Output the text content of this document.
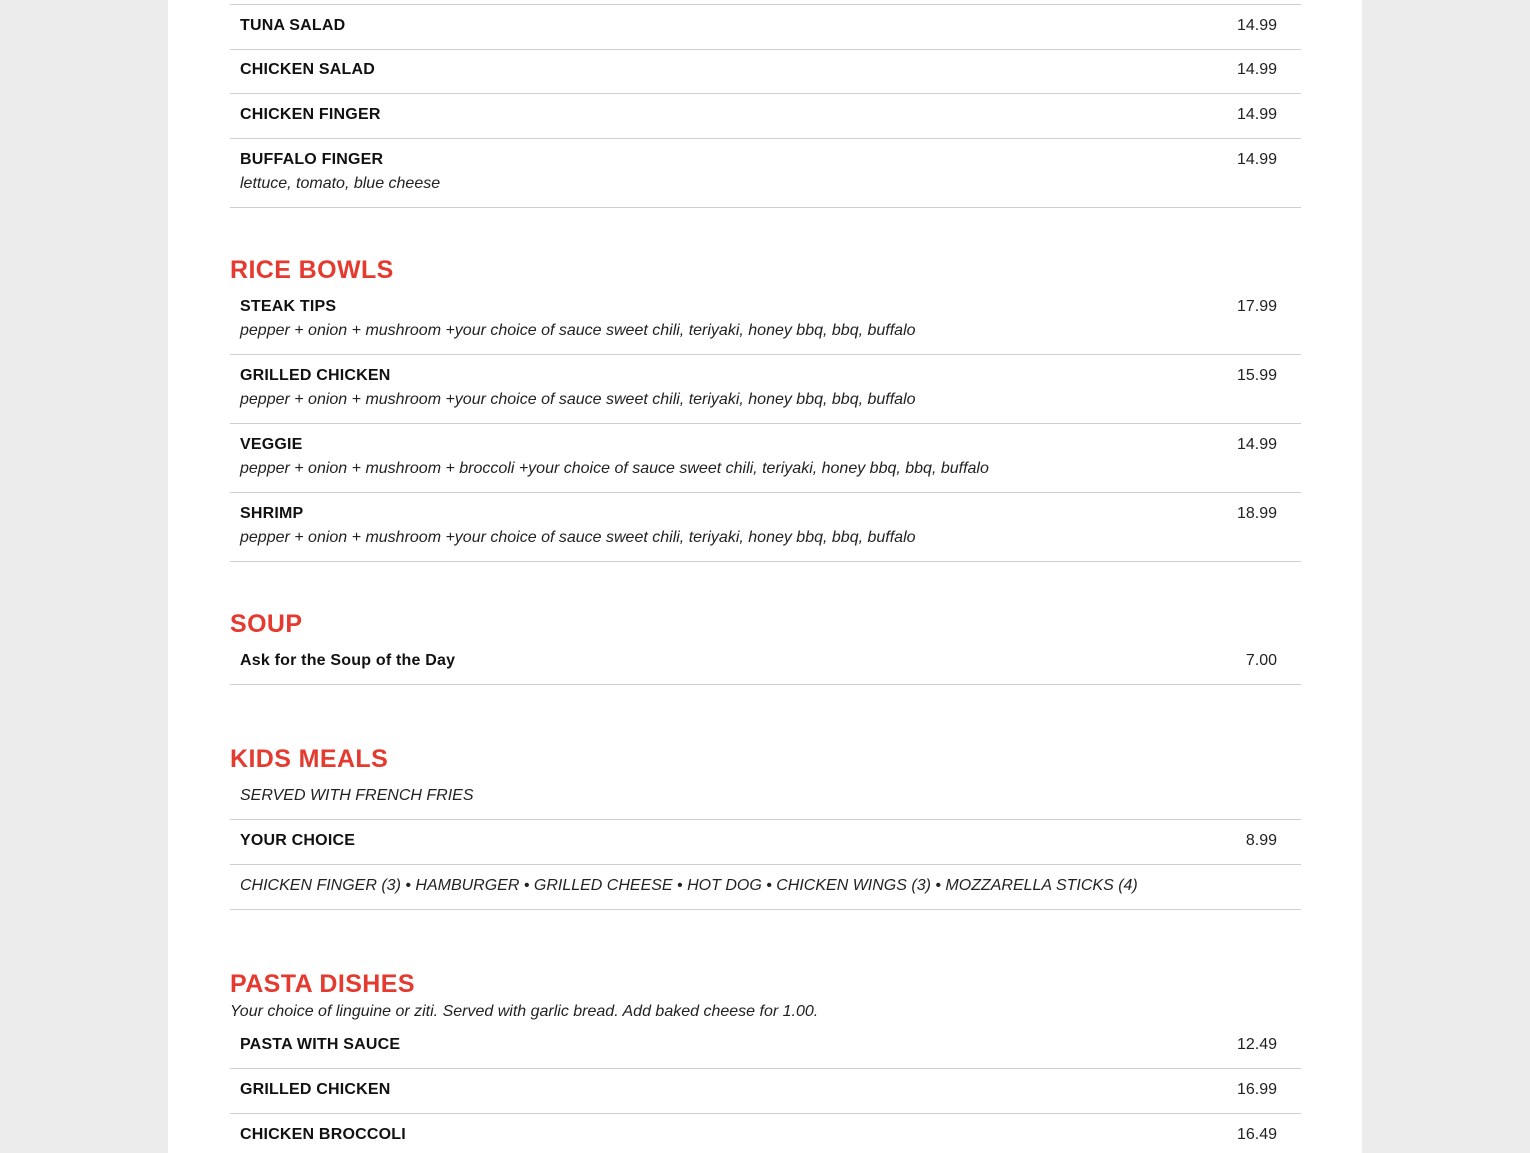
TUNA SALAD	14.99
CHICKEN SALAD	14.99
CHICKEN FINGER	14.99
BUFFALO FINGER	14.99
lettuce, tomato, blue cheese
RICE BOWLS
STEAK TIPS	17.99
pepper + onion + mushroom +your choice of sauce sweet chili, teriyaki, honey bbq, bbq, buffalo
GRILLED CHICKEN	15.99
pepper + onion + mushroom +your choice of sauce sweet chili, teriyaki, honey bbq, bbq, buffalo
VEGGIE	14.99
pepper + onion + mushroom + broccoli +your choice of sauce sweet chili, teriyaki, honey bbq, bbq, buffalo
SHRIMP	18.99
pepper + onion + mushroom +your choice of sauce sweet chili, teriyaki, honey bbq, bbq, buffalo
SOUP
Ask for the Soup of the Day	7.00
KIDS MEALS
SERVED WITH FRENCH FRIES
YOUR CHOICE	8.99
CHICKEN FINGER (3) • HAMBURGER • GRILLED CHEESE • HOT DOG • CHICKEN WINGS (3) • MOZZARELLA STICKS (4)
PASTA DISHES
Your choice of linguine or ziti. Served with garlic bread. Add baked cheese for 1.00.
PASTA WITH SAUCE	12.49
GRILLED CHICKEN	16.99
CHICKEN BROCCOLI	16.49
